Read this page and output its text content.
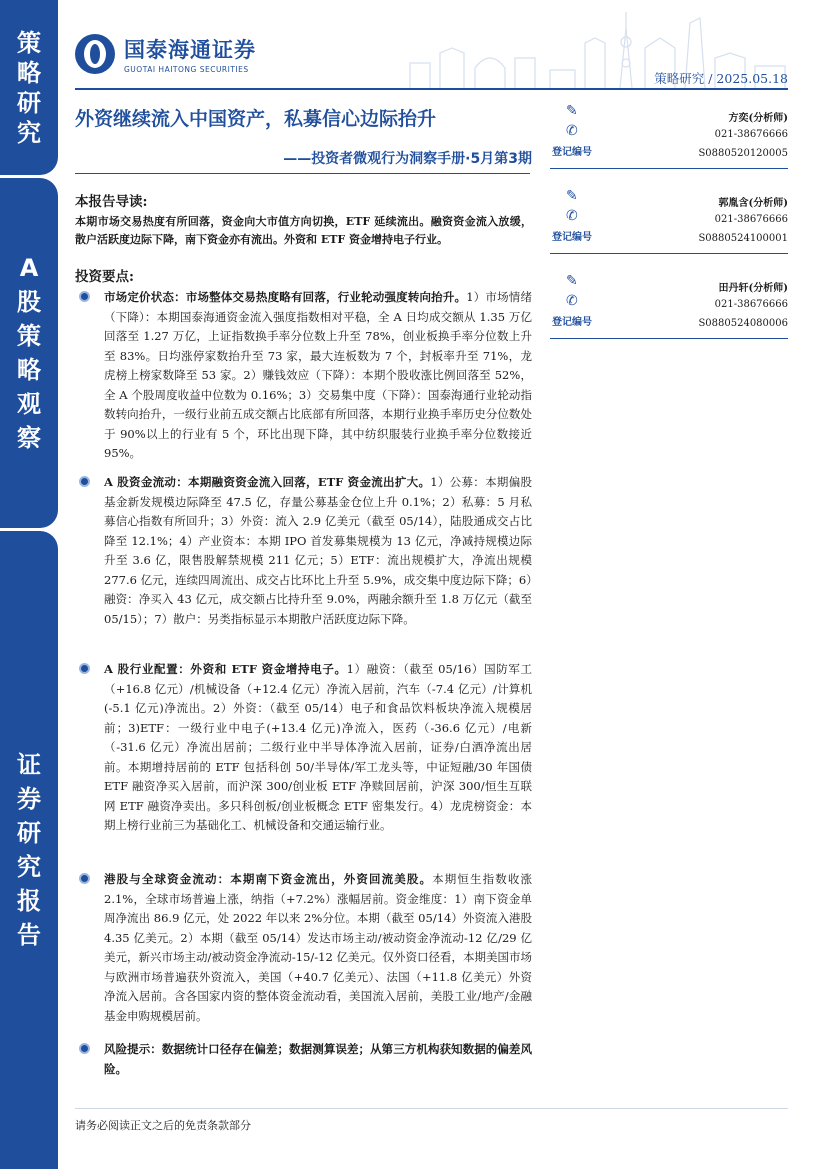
策
略
研
究
A
股
策
略
观
察
证
券
研
究
报
告
国泰海通证券
GUOTAI HAITONG SECURITIES
策略研究 / 2025.05.18
外资继续流入中国资产，私募信心边际抬升
——投资者微观行为洞察手册·5月第3期
✎
✆
登记编号
方奕(分析师)
021-38676666
S0880520120005
✎
✆
登记编号
郭胤含(分析师)
021-38676666
S0880524100001
✎
✆
登记编号
田丹轩(分析师)
021-38676666
S0880524080006
本报告导读:
本期市场交易热度有所回落，资金向大市值方向切换，ETF 延续流出。融资资金流入放缓，散户活跃度边际下降，南下资金亦有流出。外资和 ETF 资金增持电子行业。
投资要点:
市场定价状态：市场整体交易热度略有回落，行业轮动强度转向抬升。1）市场情绪（下降）：本期国泰海通资金流入强度指数相对平稳，全 A 日均成交额从 1.35 万亿回落至 1.27 万亿，上证指数换手率分位数上升至 78%，创业板换手率分位数上升至 83%。日均涨停家数抬升至 73 家，最大连板数为 7 个，封板率升至 71%，龙虎榜上榜家数降至 53 家。2）赚钱效应（下降）：本期个股收涨比例回落至 52%，全 A 个股周度收益中位数为 0.16%；3）交易集中度（下降）：国泰海通行业轮动指数转向抬升，一级行业前五成交额占比底部有所回落，本期行业换手率历史分位数处于 90%以上的行业有 5 个，环比出现下降，其中纺织服装行业换手率分位数接近 95%。
A 股资金流动：本期融资资金流入回落，ETF 资金流出扩大。1）公募：本期偏股基金新发规模边际降至 47.5 亿，存量公募基金仓位上升 0.1%；2）私募：5 月私募信心指数有所回升；3）外资：流入 2.9 亿美元（截至 05/14），陆股通成交占比降至 12.1%；4）产业资本：本期 IPO 首发募集规模为 13 亿元，净减持规模边际升至 3.6 亿，限售股解禁规模 211 亿元；5）ETF：流出规模扩大，净流出规模 277.6 亿元，连续四周流出、成交占比环比上升至 5.9%，成交集中度边际下降；6）融资：净买入 43 亿元，成交额占比持升至 9.0%，两融余额升至 1.8 万亿元（截至 05/15）；7）散户：另类指标显示本期散户活跃度边际下降。
A 股行业配置：外资和 ETF 资金增持电子。1）融资：（截至 05/16）国防军工（+16.8 亿元）/机械设备（+12.4 亿元）净流入居前，汽车（-7.4 亿元）/计算机(-5.1 亿元)净流出。2）外资：（截至 05/14）电子和食品饮料板块净流入规模居前；3)ETF：一级行业中电子(+13.4 亿元)净流入，医药（-36.6 亿元）/电新（-31.6 亿元）净流出居前；二级行业中半导体净流入居前，证券/白酒净流出居前。本期增持居前的 ETF 包括科创 50/半导体/军工龙头等，中证短融/30 年国债 ETF 融资净买入居前，而沪深 300/创业板 ETF 净赎回居前，沪深 300/恒生互联网 ETF 融资净卖出。多只科创板/创业板概念 ETF 密集发行。4）龙虎榜资金：本期上榜行业前三为基础化工、机械设备和交通运输行业。
港股与全球资金流动：本期南下资金流出，外资回流美股。本期恒生指数收涨 2.1%，全球市场普遍上涨，纳指（+7.2%）涨幅居前。资金维度：1）南下资金单周净流出 86.9 亿元，处 2022 年以来 2%分位。本期（截至 05/14）外资流入港股 4.35 亿美元。2）本期（截至 05/14）发达市场主动/被动资金净流动-12 亿/29 亿美元，新兴市场主动/被动资金净流动-15/-12 亿美元。仅外资口径看，本期美国市场与欧洲市场普遍获外资流入，美国（+40.7 亿美元）、法国（+11.8 亿美元）外资净流入居前。含各国家内资的整体资金流动看，美国流入居前，美股工业/地产/金融基金申购规模居前。
风险提示：数据统计口径存在偏差；数据测算误差；从第三方机构获知数据的偏差风险。
请务必阅读正文之后的免责条款部分
